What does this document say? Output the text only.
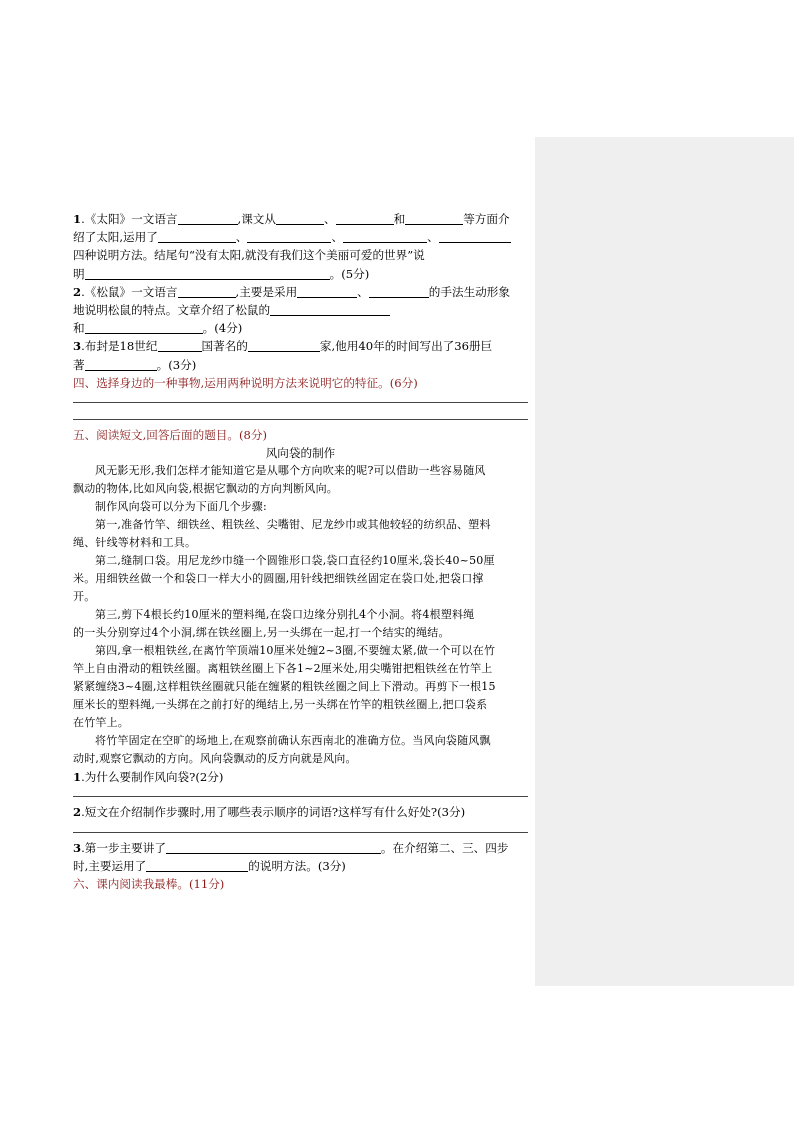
1.《太阳》一文语言	,课文从	、	和	等方面介
绍了太阳,运用了	、	、	、
四种说明方法。结尾句“没有太阳,就没有我们这个美丽可爱的世界”说
明	。(5分)
2.《松鼠》一文语言	,主要是采用	、	的手法生动形象
地说明松鼠的特点。文章介绍了松鼠的
和	。(4分)
3.布封是18世纪	国著名的	家,他用40年的时间写出了36册巨
著	。(3分)
四、选择身边的一种事物,运用两种说明方法来说明它的特征。(6分)
五、阅读短文,回答后面的题目。(8分)
风向袋的制作
风无影无形,我们怎样才能知道它是从哪个方向吹来的呢?可以借助一些容易随风
飘动的物体,比如风向袋,根据它飘动的方向判断风向。
制作风向袋可以分为下面几个步骤:
第一,准备竹竿、细铁丝、粗铁丝、尖嘴钳、尼龙纱巾或其他较轻的纺织品、塑料
绳、针线等材料和工具。
第二,缝制口袋。用尼龙纱巾缝一个圆锥形口袋,袋口直径约10厘米,袋长40~50厘
米。用细铁丝做一个和袋口一样大小的圆圈,用针线把细铁丝固定在袋口处,把袋口撑
开。
第三,剪下4根长约10厘米的塑料绳,在袋口边缘分别扎4个小洞。将4根塑料绳
的一头分别穿过4个小洞,绑在铁丝圈上,另一头绑在一起,打一个结实的绳结。
第四,拿一根粗铁丝,在离竹竿顶端10厘米处缠2~3圈,不要缠太紧,做一个可以在竹
竿上自由滑动的粗铁丝圈。离粗铁丝圈上下各1~2厘米处,用尖嘴钳把粗铁丝在竹竿上
紧紧缠绕3~4圈,这样粗铁丝圈就只能在缠紧的粗铁丝圈之间上下滑动。再剪下一根15
厘米长的塑料绳,一头绑在之前打好的绳结上,另一头绑在竹竿的粗铁丝圈上,把口袋系
在竹竿上。
将竹竿固定在空旷的场地上,在观察前确认东西南北的准确方位。当风向袋随风飘
动时,观察它飘动的方向。风向袋飘动的反方向就是风向。
1.为什么要制作风向袋?(2分)
2.短文在介绍制作步骤时,用了哪些表示顺序的词语?这样写有什么好处?(3分)
3.第一步主要讲了	。在介绍第二、三、四步
时,主要运用了	的说明方法。(3分)
六、课内阅读我最棒。(11分)
